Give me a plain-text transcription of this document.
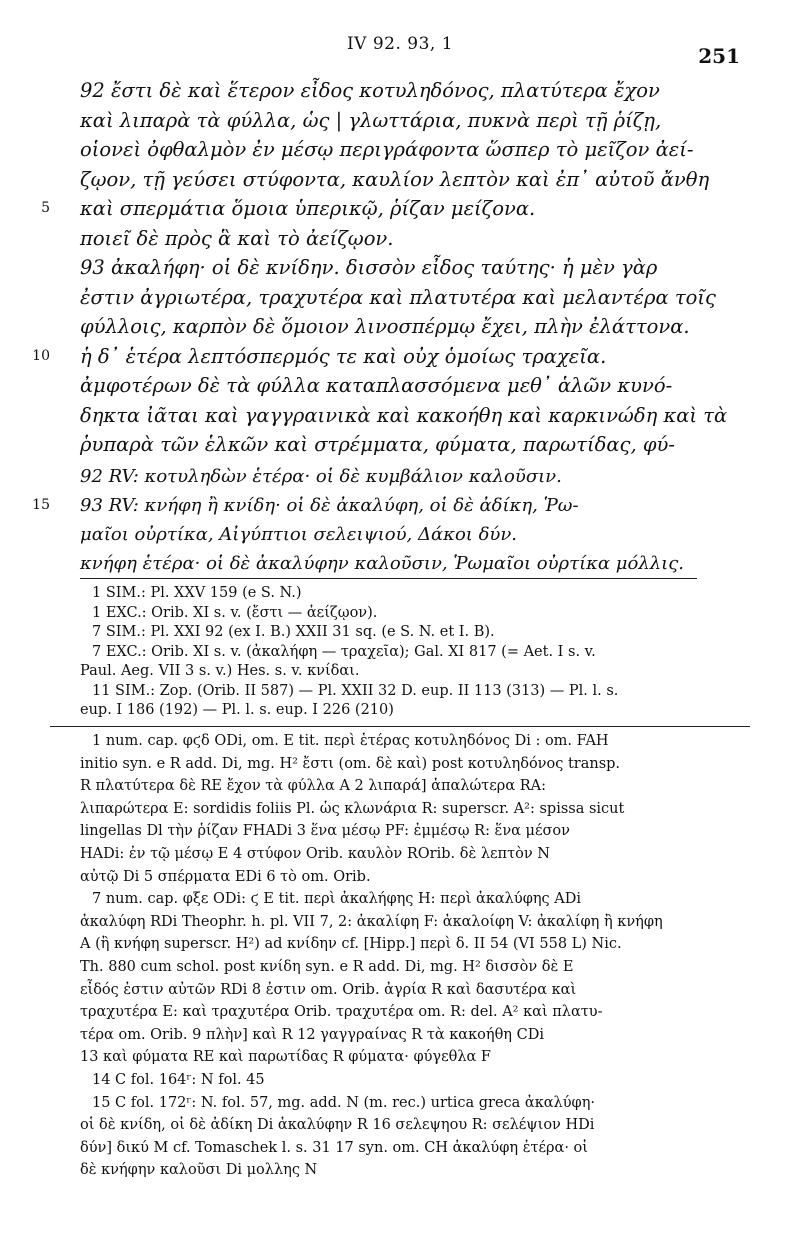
IV 92. 93, 1	251
92 ἔστι δὲ καὶ ἕτερον εἶδος κοτυληδόνος, πλατύτερα ἔχον
καὶ λιπαρὰ τὰ φύλλα, ὡς | γλωττάρια, πυκνὰ περὶ τῇ ῥίζῃ,
οἱονεὶ ὀφθαλμὸν ἐν μέσῳ περιγράφοντα ὥσπερ τὸ μεῖζον ἀεί-
ζῳον, τῇ γεύσει στύφοντα, καυλίον λεπτὸν καὶ ἐπ᾽ αὐτοῦ ἄνθη
5 καὶ σπερμάτια ὅμοια ὑπερικῷ, ῥίζαν μείζονα.
ποιεῖ δὲ πρὸς ἃ καὶ τὸ ἀείζῳον.
93 ἀκαλήφη· οἱ δὲ κνίδην. δισσὸν εἶδος ταύτης· ἡ μὲν γὰρ
ἐστιν ἀγριωτέρα, τραχυτέρα καὶ πλατυτέρα καὶ μελαντέρα τοῖς
φύλλοις, καρπὸν δὲ ὅμοιον λινοσπέρμῳ ἔχει, πλὴν ἐλάττονα.
10 ἡ δ᾽ ἑτέρα λεπτόσπερμός τε καὶ οὐχ ὁμοίως τραχεῖα.
ἀμφοτέρων δὲ τὰ φύλλα καταπλασσόμενα μεθ᾽ ἁλῶν κυνό-
δηκτα ἰᾶται καὶ γαγγραινικὰ καὶ κακοήθη καὶ καρκινώδη καὶ τὰ
ῥυπαρὰ τῶν ἑλκῶν καὶ στρέμματα, φύματα, παρωτίδας, φύ-
92 RV: κοτυληδὼν ἑτέρα· οἱ δὲ κυμβάλιον καλοῦσιν.
15 93 RV: κνήφη ἢ κνίδη· οἱ δὲ ἀκαλύφη, οἱ δὲ ἀδίκη, Ῥω-
μαῖοι οὐρτίκα, Αἰγύπτιοι σελειψιού, Δάκοι δύν.
κνήφη ἑτέρα· οἱ δὲ ἀκαλύφην καλοῦσιν, Ῥωμαῖοι οὐρτίκα μόλλις.
1 SIM.: Pl. XXV 159 (e S. N.)
1 EXC.: Orib. XI s. v. (ἔστι — ἀείζῳον).
7 SIM.: Pl. XXI 92 (ex I. B.) XXII 31 sq. (e S. N. et I. B).
7 EXC.: Orib. XI s. v. (ἀκαλήφη — τραχεῖα); Gal. XI 817 (= Aet. I s. v.
Paul. Aeg. VII 3 s. v.) Hes. s. v. κνίδαι.
11 SIM.: Zop. (Orib. II 587) — Pl. XXII 32 D. eup. II 113 (313) — Pl. l. s.
eup. I 186 (192) — Pl. l. s. eup. I 226 (210)
1 num. cap. φϛδ ODi, om. E tit. περὶ ἑτέρας κοτυληδόνος Di : om. FAH
initio syn. e R add. Di, mg. H² ἔστι (om. δὲ καὶ) post κοτυληδόνος transp.
R πλατύτερα δὲ RE ἔχον τὰ φύλλα A 2 λιπαρά] ἁπαλώτερα RA:
λιπαρώτερα E: sordidis foliis Pl. ὡς κλωνάρια R: superscr. A²: spissa sicut
lingellas Dl τὴν ῥίζαν FHADi 3 ἕνα μέσῳ PF: ἐμμέσῳ R: ἕνα μέσον
HADi: ἐν τῷ μέσῳ E 4 στύφον Orib. καυλὸν ROrib. δὲ λεπτὸν N
αὐτῷ Di 5 σπέρματα EDi 6 τὸ om. Orib.
7 num. cap. φξε ODi: ϛ E tit. περὶ ἀκαλήφης H: περὶ ἀκαλύφης ADi
ἀκαλύφη RDi Theophr. h. pl. VII 7, 2: ἀκαλίφη F: ἀκαλοίφη V: ἀκαλίφη ἢ κνήφη
A (ἢ κνήφη superscr. H²) ad κνίδην cf. [Hipp.] περὶ δ. II 54 (VI 558 L) Nic.
Th. 880 cum schol. post κνίδη syn. e R add. Di, mg. H² δισσὸν δὲ E
εἶδός ἐστιν αὐτῶν RDi 8 ἐστιν om. Orib. ἀγρία R καὶ δασυτέρα καὶ
τραχυτέρα E: καὶ τραχυτέρα Orib. τραχυτέρα om. R: del. A² καὶ πλατυ-
τέρα om. Orib. 9 πλὴν] καὶ R 12 γαγγραίνας R τὰ κακοήθη CDi
13 καὶ φύματα RE καὶ παρωτίδας R φύματα· φύγεθλα F
14 C fol. 164ʳ: N fol. 45
15 C fol. 172ʳ: N. fol. 57, mg. add. N (m. rec.) urtica greca ἀκαλύφη·
οἱ δὲ κνίδη, οἱ δὲ ἀδίκη Di ἀκαλύφην R 16 σελεψηου R: σελέψιον HDi
δύν] δικύ M cf. Tomaschek l. s. 31 17 syn. om. CH ἀκαλύφη ἑτέρα· οἱ
δὲ κνήφην καλοῦσι Di μολλης N
